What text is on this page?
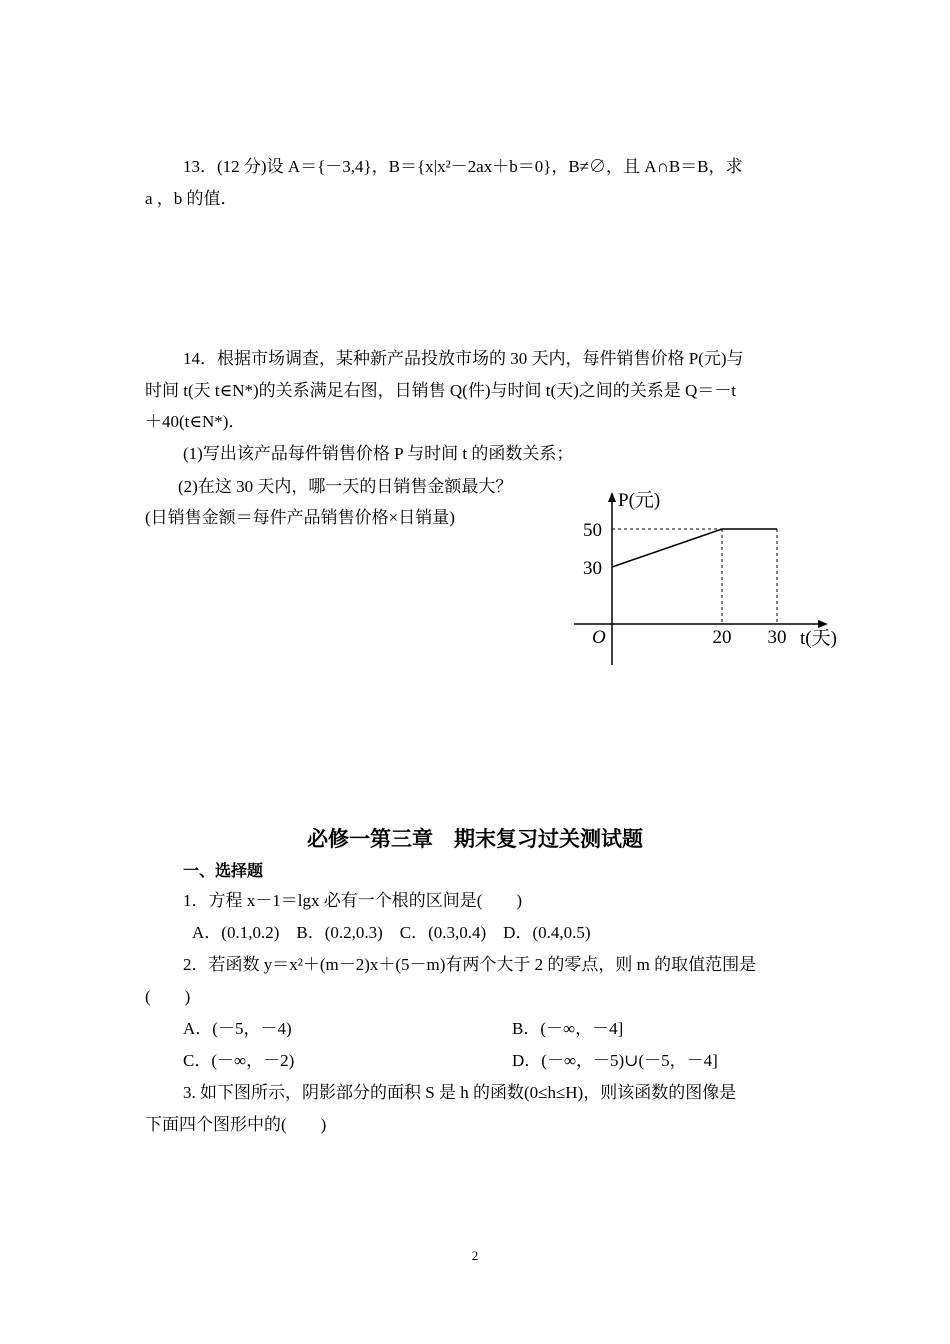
13．(12 分)设 A＝{－3,4}，B＝{x|x²－2ax＋b＝0}，B≠∅，且 A∩B＝B，求
a ，b 的值．
14．根据市场调查，某种新产品投放市场的 30 天内，每件销售价格 P(元)与
时间 t(天 t∈N*)的关系满足右图，日销售 Q(件)与时间 t(天)之间的关系是 Q＝－t
＋40(t∈N*)．
(1)写出该产品每件销售价格 P 与时间 t 的函数关系；
(2)在这 30 天内，哪一天的日销售金额最大？
(日销售金额＝每件产品销售价格×日销量)
30
50
20 30
P(元)
t(天)
O
必修一第三章　期末复习过关测试题
一、选择题
1．方程 x－1＝lgx 必有一个根的区间是(　　)
A．(0.1,0.2)　B．(0.2,0.3)　C．(0.3,0.4)　D．(0.4,0.5)
2．若函数 y＝x²＋(m－2)x＋(5－m)有两个大于 2 的零点，则 m 的取值范围是
(　　)
A．(－5，－4)	B．(－∞，－4]
C．(－∞，－2)	D．(－∞，－5)∪(－5，－4]
3. 如下图所示，阴影部分的面积 S 是 h 的函数(0≤h≤H)，则该函数的图像是
下面四个图形中的(　　)
2
